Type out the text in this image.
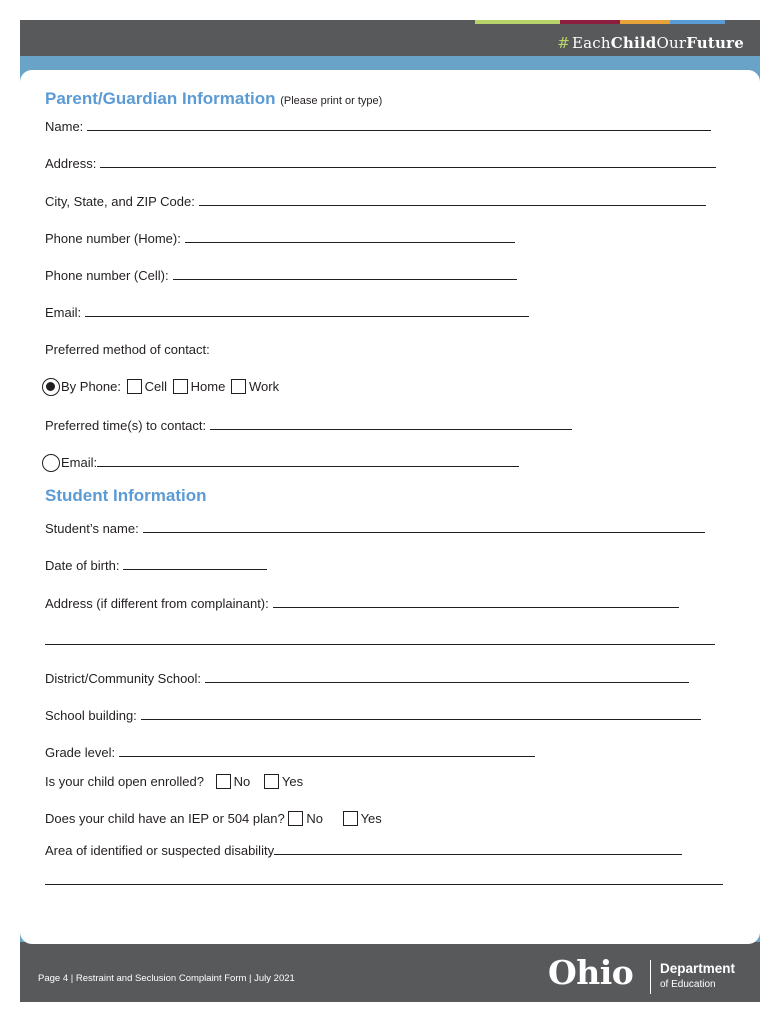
# EachChildOurFuture
Parent/Guardian Information (Please print or type)
Name:
Address:
City, State, and ZIP Code:
Phone number (Home):
Phone number (Cell):
Email:
Preferred method of contact:
By Phone: Cell Home Work
Preferred time(s) to contact:
Email:
Student Information
Student’s name:
Date of birth:
Address (if different from complainant):
District/Community School:
School building:
Grade level:
Is your child open enrolled? No Yes
Does your child have an IEP or 504 plan? No	Yes
Area of identified or suspected disability
Page 4 | Restraint and Seclusion Complaint Form | July 2021	Ohio Department
of Education
